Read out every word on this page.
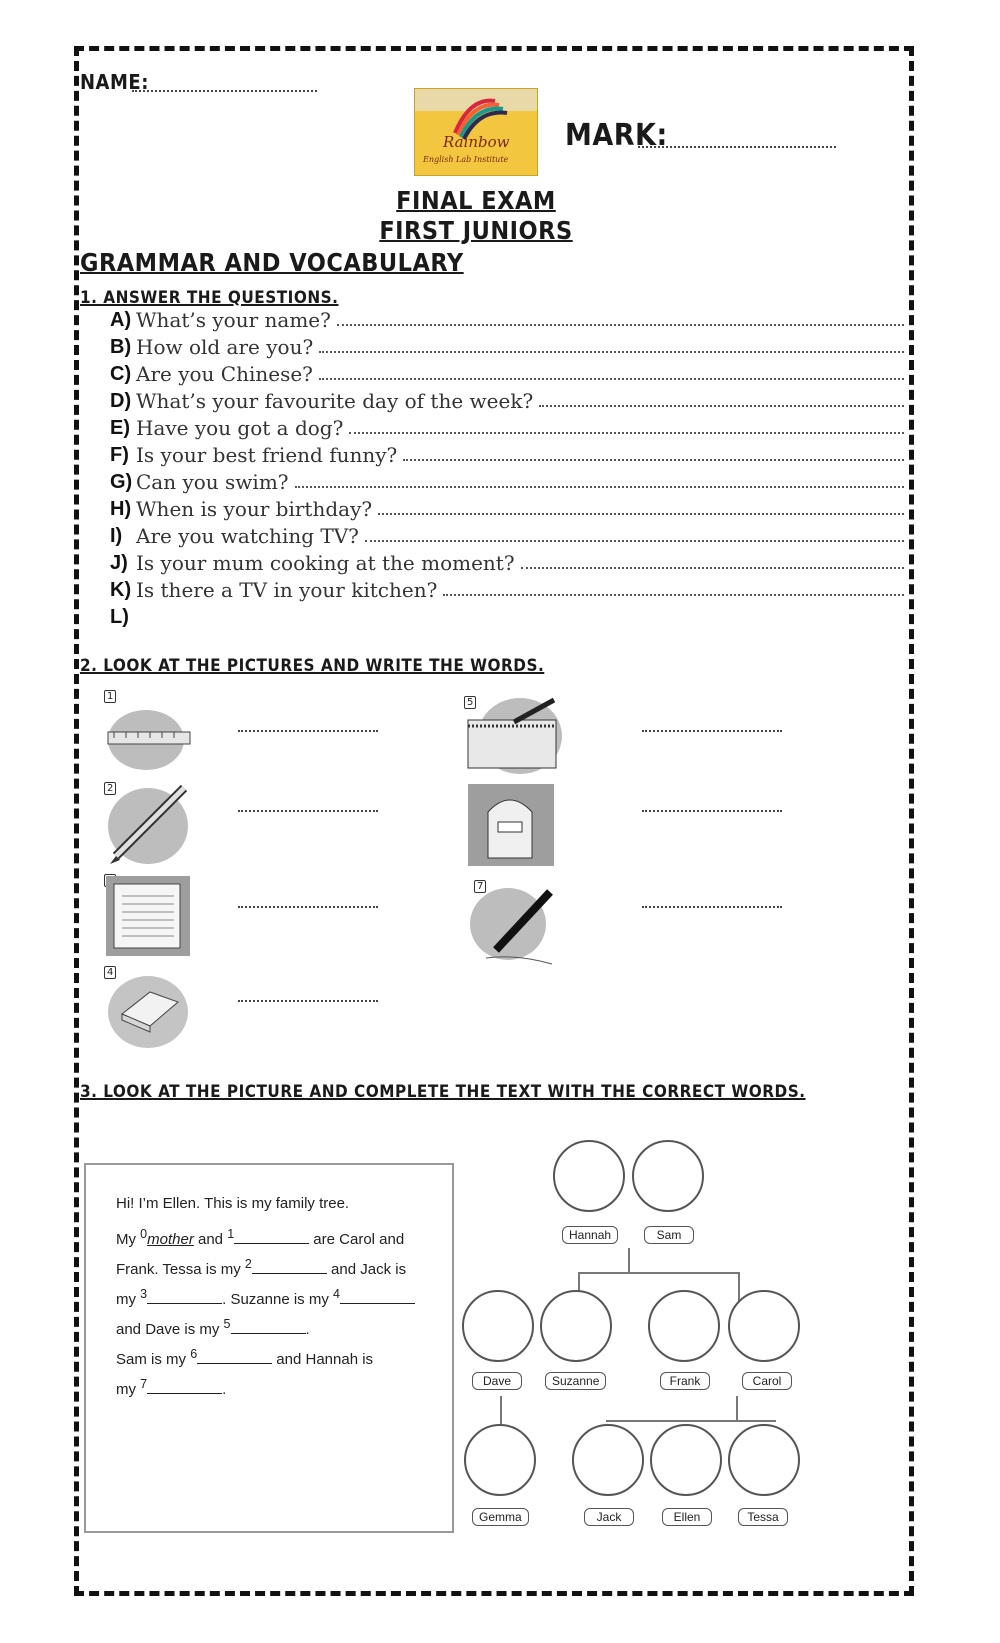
NAME:
Rainbow
English Lab Institute
MARK:
FINAL EXAM
FIRST JUNIORS
GRAMMAR AND VOCABULARY
1. ANSWER THE QUESTIONS.
A) What’s your name?
B) How old are you?
C) Are you Chinese?
D) What’s your favourite day of the week?
E) Have you got a dog?
F) Is your best friend funny?
G) Can you swim?
H) When is your birthday?
I) Are you watching TV?
J) Is your mum cooking at the moment?
K) Is there a TV in your kitchen?
L)
2. LOOK AT THE PICTURES AND WRITE THE WORDS.
1
2
4
5
7
3. LOOK AT THE PICTURE AND COMPLETE THE TEXT WITH THE CORRECT WORDS.

Hi! I’m Ellen. This is my family tree.

My $^0$mother and $^1$	are Carol and

Frank. Tessa is my $^2$	and Jack is

my $^3$	. Suzanne is my $^4$

and Dave is my $^5$	.

Sam is my $^6$	and Hannah is

my $^7$	.

Hannah	Sam
Dave	Suzanne	Frank	Carol
Gemma	Jack	Ellen	Tessa
